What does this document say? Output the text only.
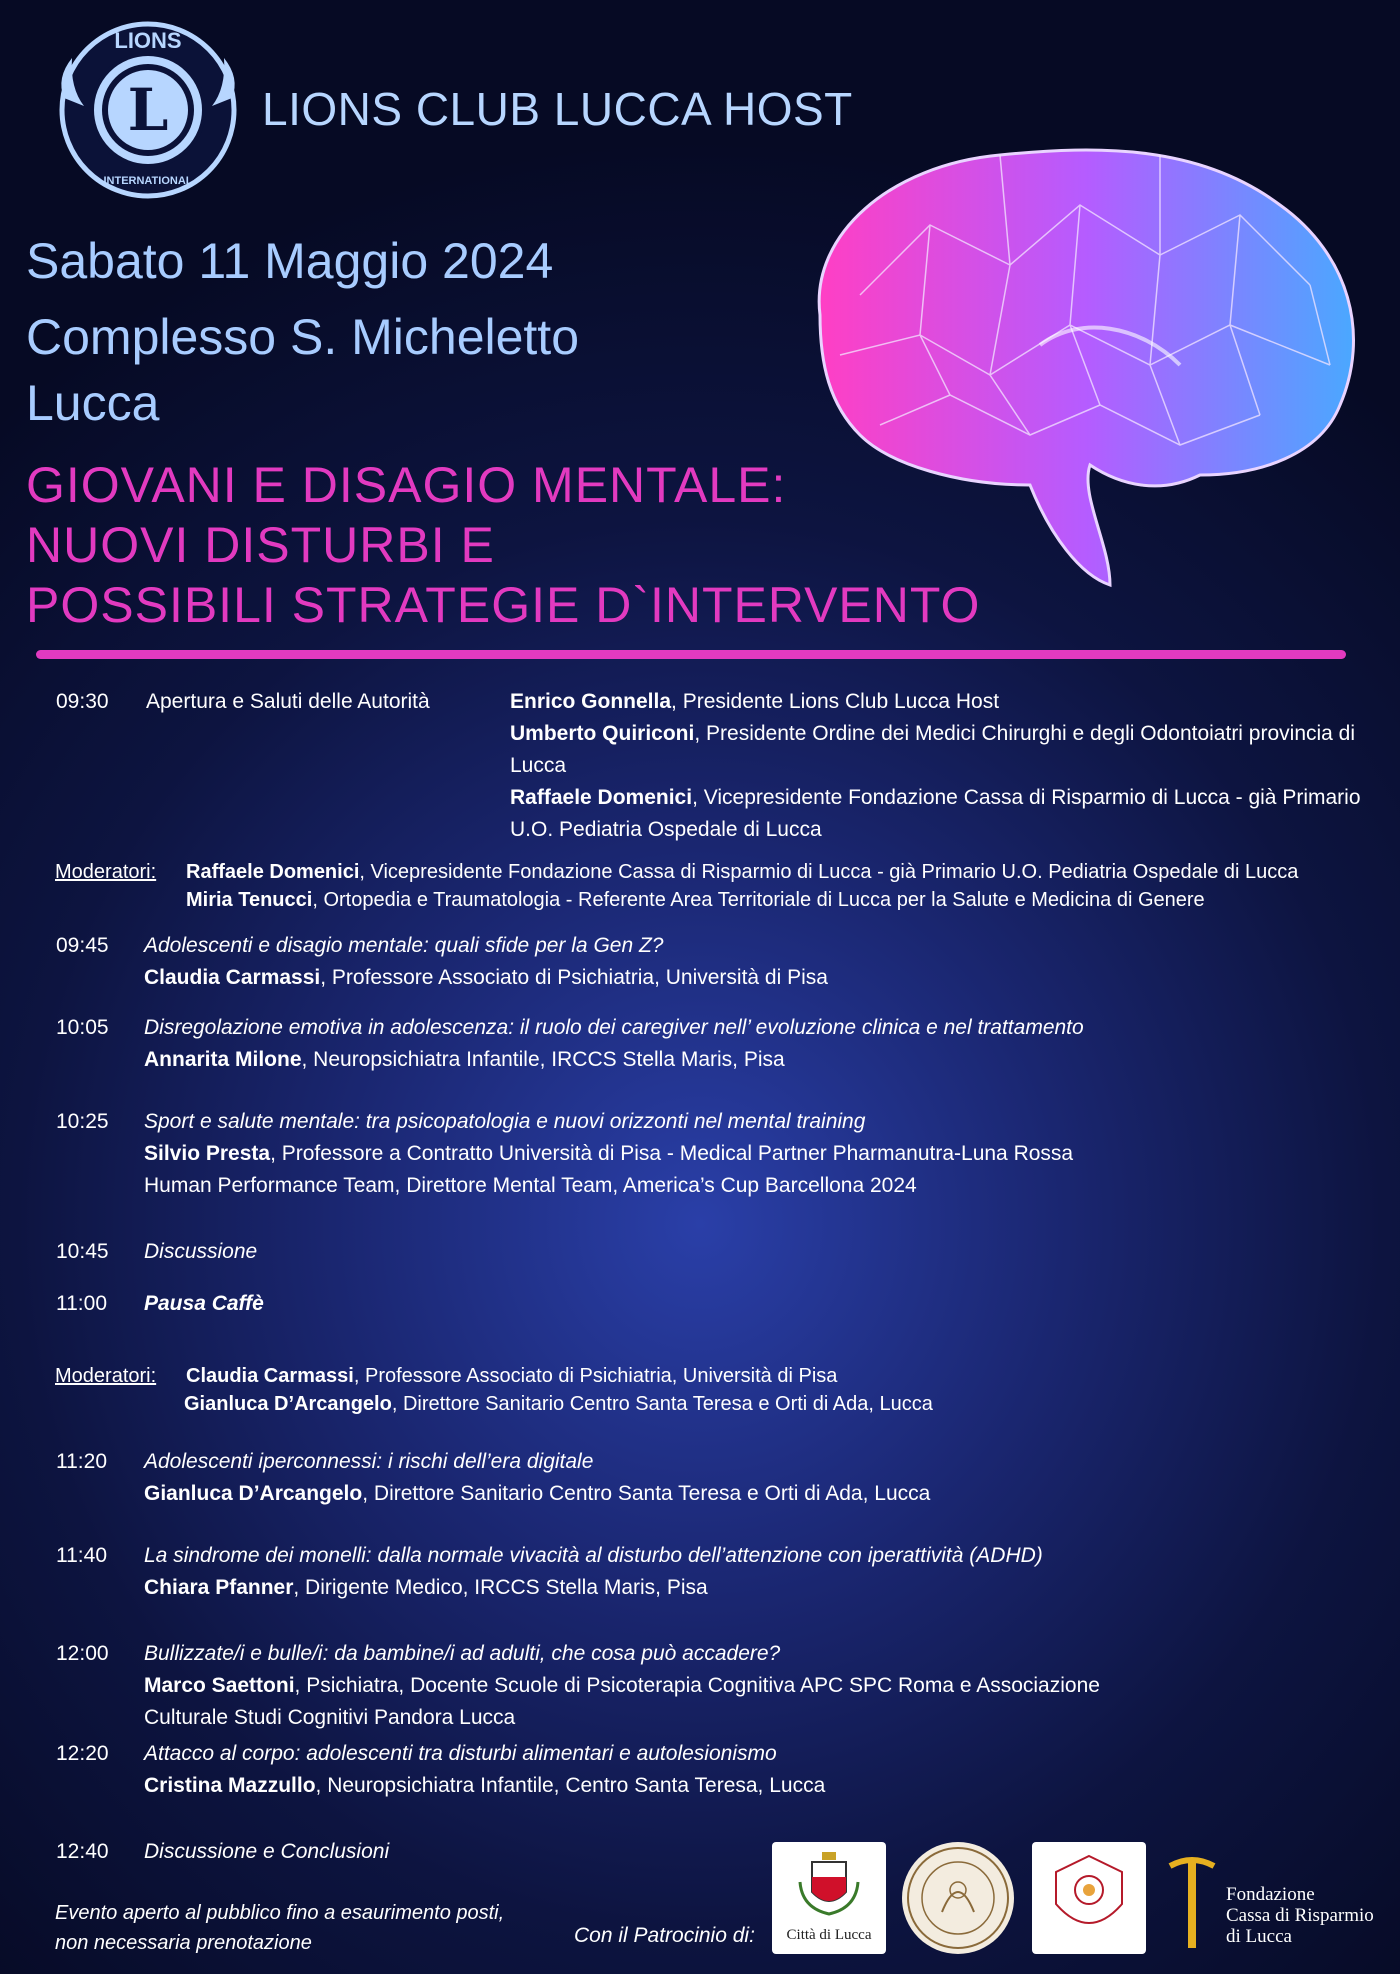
L
LIONS
INTERNATIONAL
LIONS CLUB LUCCA HOST
Sabato 11 Maggio 2024
Complesso S. Micheletto
Lucca
GIOVANI E DISAGIO MENTALE:
NUOVI DISTURBI E
POSSIBILI STRATEGIE D`INTERVENTO
09:30	Apertura e Saluti delle Autorità	Enrico Gonnella, Presidente Lions Club Lucca Host
Umberto Quiriconi, Presidente Ordine dei Medici Chirurghi e degli Odontoiatri provincia di Lucca
Raffaele Domenici, Vicepresidente Fondazione Cassa di Risparmio di Lucca - già Primario U.O. Pediatria Ospedale di Lucca
Moderatori: Raffaele Domenici, Vicepresidente Fondazione Cassa di Risparmio di Lucca - già Primario U.O. Pediatria Ospedale di Lucca
Miria Tenucci, Ortopedia e Traumatologia - Referente Area Territoriale di Lucca per la Salute e Medicina di Genere
09:45	Adolescenti e disagio mentale: quali sfide per la Gen Z?
Claudia Carmassi, Professore Associato di Psichiatria, Università di Pisa
10:05	Disregolazione emotiva in adolescenza: il ruolo dei caregiver nell’ evoluzione clinica e nel trattamento
Annarita Milone, Neuropsichiatra Infantile, IRCCS Stella Maris, Pisa
10:25	Sport e salute mentale: tra psicopatologia e nuovi orizzonti nel mental training
Silvio Presta, Professore a Contratto Università di Pisa - Medical Partner Pharmanutra-Luna Rossa
Human Performance Team, Direttore Mental Team, America’s Cup Barcellona 2024
10:45	Discussione
11:00	Pausa Caffè
Moderatori: Claudia Carmassi, Professore Associato di Psichiatria, Università di Pisa
Gianluca D’Arcangelo, Direttore Sanitario Centro Santa Teresa e Orti di Ada, Lucca
11:20	Adolescenti iperconnessi: i rischi dell’era digitale
Gianluca D’Arcangelo, Direttore Sanitario Centro Santa Teresa e Orti di Ada, Lucca
11:40	La sindrome dei monelli: dalla normale vivacità al disturbo dell’attenzione con iperattività (ADHD)
Chiara Pfanner, Dirigente Medico, IRCCS Stella Maris, Pisa
12:00	Bullizzate/i e bulle/i: da bambine/i ad adulti, che cosa può accadere?
Marco Saettoni, Psichiatra, Docente Scuole di Psicoterapia Cognitiva APC SPC Roma e Associazione
Culturale Studi Cognitivi Pandora Lucca
12:20	Attacco al corpo: adolescenti tra disturbi alimentari e autolesionismo
Cristina Mazzullo, Neuropsichiatra Infantile, Centro Santa Teresa, Lucca
12:40	Discussione e Conclusioni
Evento aperto al pubblico fino a esaurimento posti,
non necessaria prenotazione	Con il Patrocinio di:	Città di Lucca
Fondazione
Cassa di Risparmio
di Lucca
